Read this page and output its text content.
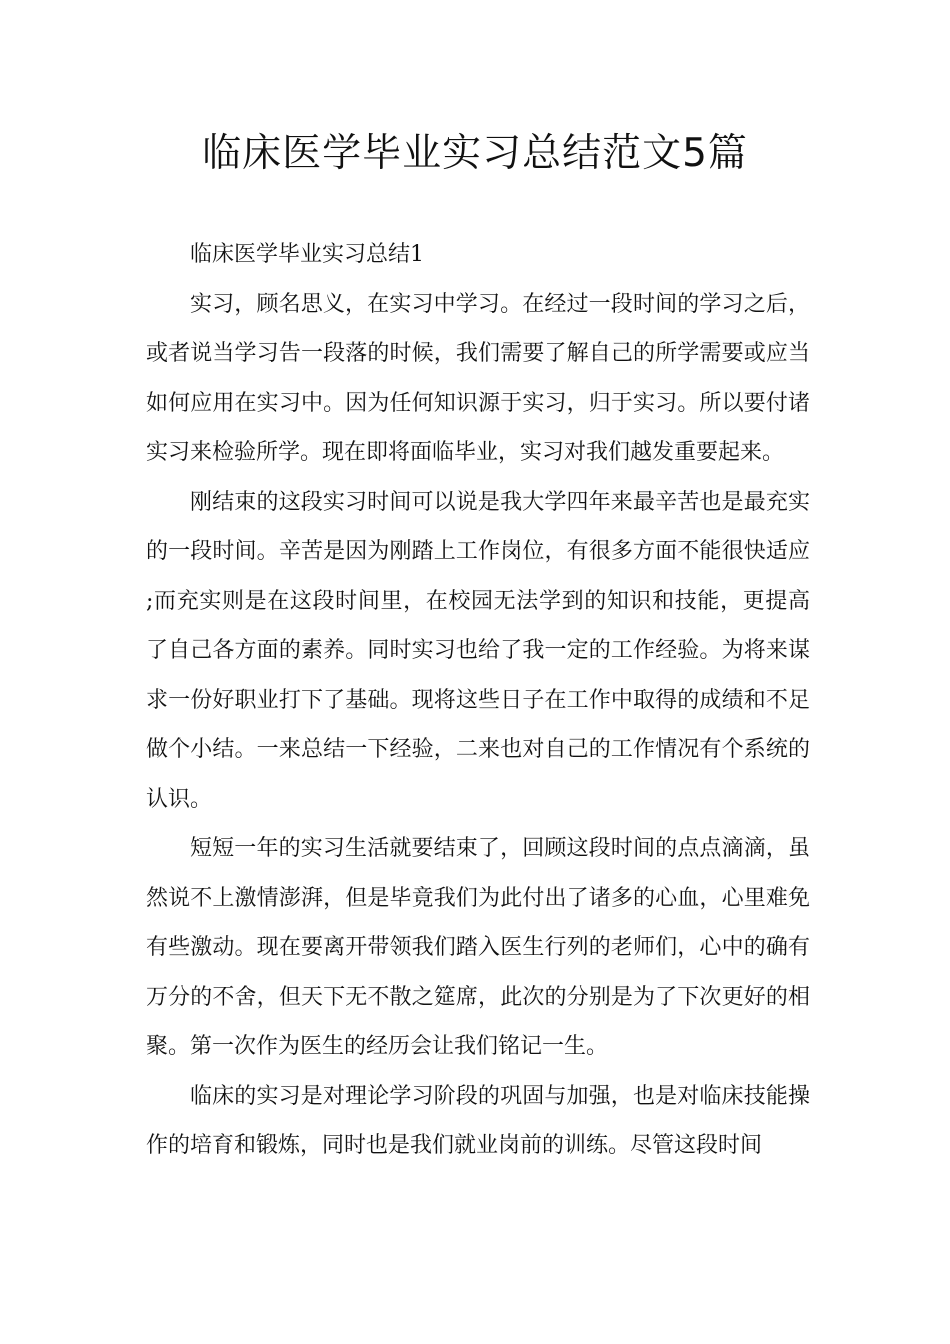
临床医学毕业实习总结范文5篇

临床医学毕业实习总结1

实习，顾名思义，在实习中学习。在经过一段时间的学习之后，或者说当学习告一段落的时候，我们需要了解自己的所学需要或应当如何应用在实习中。因为任何知识源于实习，归于实习。所以要付诸实习来检验所学。现在即将面临毕业，实习对我们越发重要起来。

刚结束的这段实习时间可以说是我大学四年来最辛苦也是最充实的一段时间。辛苦是因为刚踏上工作岗位，有很多方面不能很快适应;而充实则是在这段时间里，在校园无法学到的知识和技能，更提高了自己各方面的素养。同时实习也给了我一定的工作经验。为将来谋求一份好职业打下了基础。现将这些日子在工作中取得的成绩和不足做个小结。一来总结一下经验，二来也对自己的工作情况有个系统的认识。

短短一年的实习生活就要结束了，回顾这段时间的点点滴滴，虽然说不上激情澎湃，但是毕竟我们为此付出了诸多的心血，心里难免有些激动。现在要离开带领我们踏入医生行列的老师们，心中的确有万分的不舍，但天下无不散之筵席，此次的分别是为了下次更好的相聚。第一次作为医生的经历会让我们铭记一生。

临床的实习是对理论学习阶段的巩固与加强，也是对临床技能操作的培育和锻炼，同时也是我们就业岗前的训练。尽管这段时间
